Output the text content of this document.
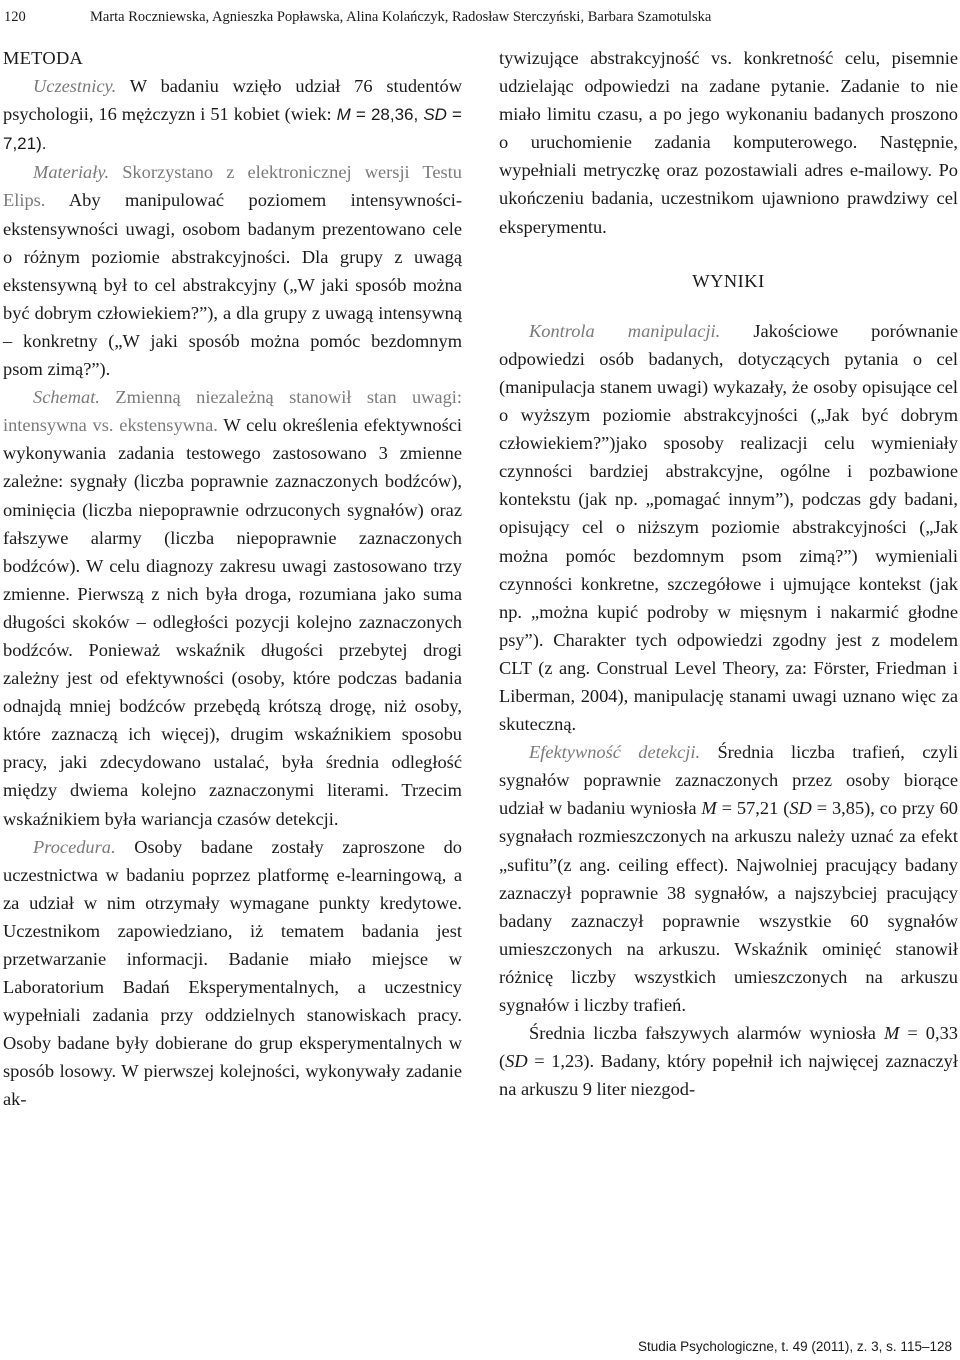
120	Marta Roczniewska, Agnieszka Popławska, Alina Kolańczyk, Radosław Sterczyński, Barbara Szamotulska

METODA

Uczestnicy. W badaniu wzięło udział 76 studentów psychologii, 16 mężczyzn i 51 kobiet (wiek: M = 28,36, SD = 7,21).

Materiały. Skorzystano z elektronicznej wersji Testu Elips. Aby manipulować poziomem intensywności-ekstensywności uwagi, osobom badanym prezentowano cele o różnym poziomie abstrakcyjności. Dla grupy z uwagą ekstensywną był to cel abstrakcyjny („W jaki sposób można być dobrym człowiekiem?”), a dla grupy z uwagą intensywną – konkretny („W jaki sposób można pomóc bezdomnym psom zimą?”).

Schemat. Zmienną niezależną stanowił stan uwagi: intensywna vs. ekstensywna. W celu określenia efektywności wykonywania zadania testowego zastosowano 3 zmienne zależne: sygnały (liczba poprawnie zaznaczonych bodźców), ominięcia (liczba niepoprawnie odrzuconych sygnałów) oraz fałszywe alarmy (liczba niepoprawnie zaznaczonych bodźców). W celu diagnozy zakresu uwagi zastosowano trzy zmienne. Pierwszą z nich była droga, rozumiana jako suma długości skoków – odległości pozycji kolejno zaznaczonych bodźców. Ponieważ wskaźnik długości przebytej drogi zależny jest od efektywności (osoby, które podczas badania odnajdą mniej bodźców przebędą krótszą drogę, niż osoby, które zaznaczą ich więcej), drugim wskaźnikiem sposobu pracy, jaki zdecydowano ustalać, była średnia odległość między dwiema kolejno zaznaczonymi literami. Trzecim wskaźnikiem była wariancja czasów detekcji.

Procedura. Osoby badane zostały zaproszone do uczestnictwa w badaniu poprzez platformę e-learningową, a za udział w nim otrzymały wymagane punkty kredytowe. Uczestnikom zapowiedziano, iż tematem badania jest przetwarzanie informacji. Badanie miało miejsce w Laboratorium Badań Eksperymentalnych, a uczestnicy wypełniali zadania przy oddzielnych stanowiskach pracy. Osoby badane były dobierane do grup eksperymentalnych w sposób losowy. W pierwszej kolejności, wykonywały zadanie ak-

tywizujące abstrakcyjność vs. konkretność celu, pisemnie udzielając odpowiedzi na zadane pytanie. Zadanie to nie miało limitu czasu, a po jego wykonaniu badanych proszono o uruchomienie zadania komputerowego. Następnie, wypełniali metryczkę oraz pozostawiali adres e-mailowy. Po ukończeniu badania, uczestnikom ujawniono prawdziwy cel eksperymentu.

WYNIKI

Kontrola manipulacji. Jakościowe porównanie odpowiedzi osób badanych, dotyczących pytania o cel (manipulacja stanem uwagi) wykazały, że osoby opisujące cel o wyższym poziomie abstrakcyjności („Jak być dobrym człowiekiem?”)jako sposoby realizacji celu wymieniały czynności bardziej abstrakcyjne, ogólne i pozbawione kontekstu (jak np. „pomagać innym”), podczas gdy badani, opisujący cel o niższym poziomie abstrakcyjności („Jak można pomóc bezdomnym psom zimą?”) wymieniali czynności konkretne, szczegółowe i ujmujące kontekst (jak np. „można kupić podroby w mięsnym i nakarmić głodne psy”). Charakter tych odpowiedzi zgodny jest z modelem CLT (z ang. Construal Level Theory, za: Förster, Friedman i Liberman, 2004), manipulację stanami uwagi uznano więc za skuteczną.

Efektywność detekcji. Średnia liczba trafień, czyli sygnałów poprawnie zaznaczonych przez osoby biorące udział w badaniu wyniosła M = 57,21 (SD = 3,85), co przy 60 sygnałach rozmieszczonych na arkuszu należy uznać za efekt „sufitu”(z ang. ceiling effect). Najwolniej pracujący badany zaznaczył poprawnie 38 sygnałów, a najszybciej pracujący badany zaznaczył poprawnie wszystkie 60 sygnałów umieszczonych na arkuszu. Wskaźnik ominięć stanowił różnicę liczby wszystkich umieszczonych na arkuszu sygnałów i liczby trafień.

Średnia liczba fałszywych alarmów wyniosła M = 0,33 (SD = 1,23). Badany, który popełnił ich najwięcej zaznaczył na arkuszu 9 liter niezgod-

Studia Psychologiczne, t. 49 (2011), z. 3, s. 115–128
